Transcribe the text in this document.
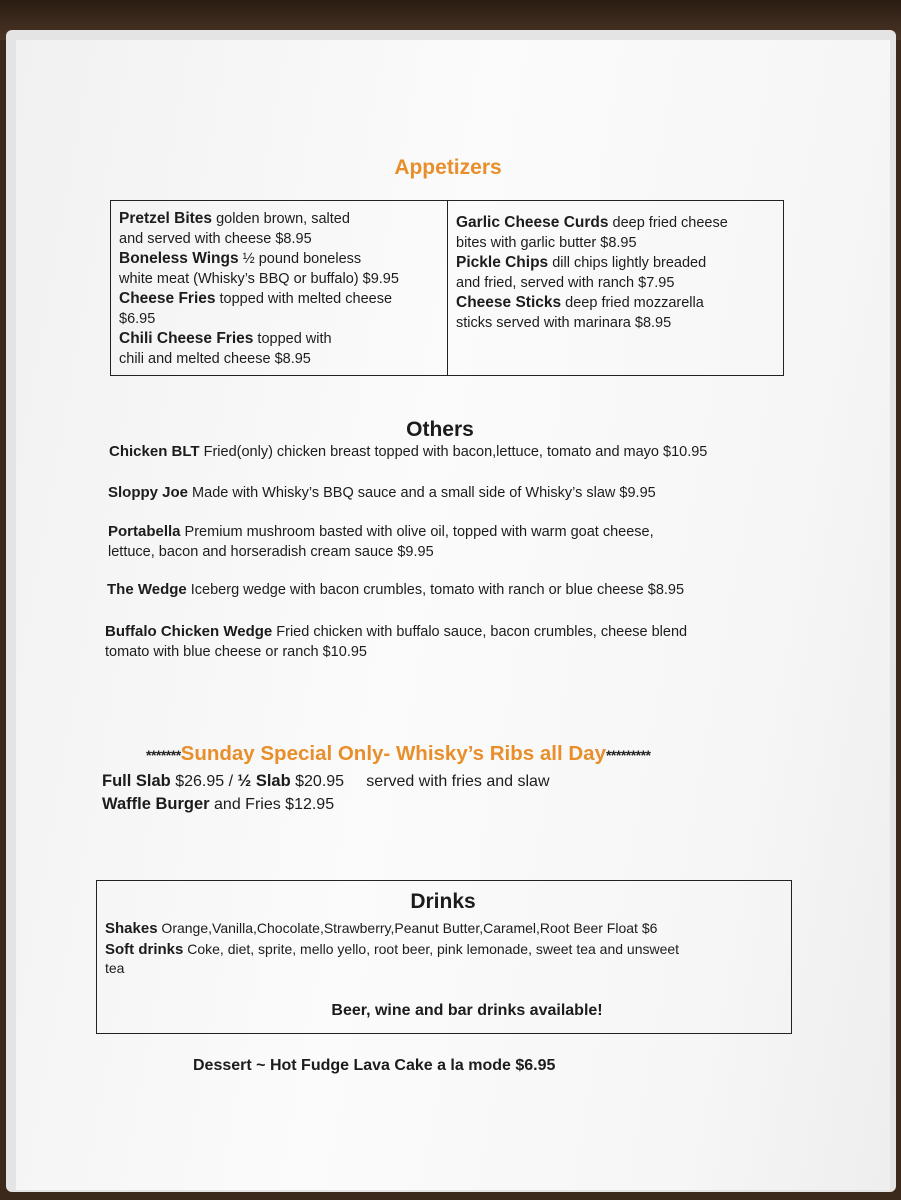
Appetizers
Pretzel Bites golden brown, salted
and served with cheese $8.95
Boneless Wings ½ pound boneless
white meat (Whisky’s BBQ or buffalo) $9.95
Cheese Fries topped with melted cheese
$6.95
Chili Cheese Fries topped with
chili and melted cheese $8.95
Garlic Cheese Curds deep fried cheese
bites with garlic butter $8.95
Pickle Chips dill chips lightly breaded
and fried, served with ranch $7.95
Cheese Sticks deep fried mozzarella
sticks served with marinara $8.95
Others
Chicken BLT Fried(only) chicken breast topped with bacon,lettuce, tomato and mayo $10.95
Sloppy Joe Made with Whisky’s BBQ sauce and a small side of Whisky’s slaw $9.95
Portabella Premium mushroom basted with olive oil, topped with warm goat cheese,
lettuce, bacon and horseradish cream sauce $9.95
The Wedge Iceberg wedge with bacon crumbles, tomato with ranch or blue cheese $8.95
Buffalo Chicken Wedge Fried chicken with buffalo sauce, bacon crumbles, cheese blend
tomato with blue cheese or ranch $10.95
*******Sunday Special Only- Whisky’s Ribs all Day*********
Full Slab $26.95 / ½ Slab $20.95     served with fries and slaw
Waffle Burger and Fries $12.95
Drinks
Shakes Orange,Vanilla,Chocolate,Strawberry,Peanut Butter,Caramel,Root Beer Float $6
Soft drinks Coke, diet, sprite, mello yello, root beer, pink lemonade, sweet tea and unsweet
tea
Beer, wine and bar drinks available!
Dessert ~ Hot Fudge Lava Cake a la mode $6.95
